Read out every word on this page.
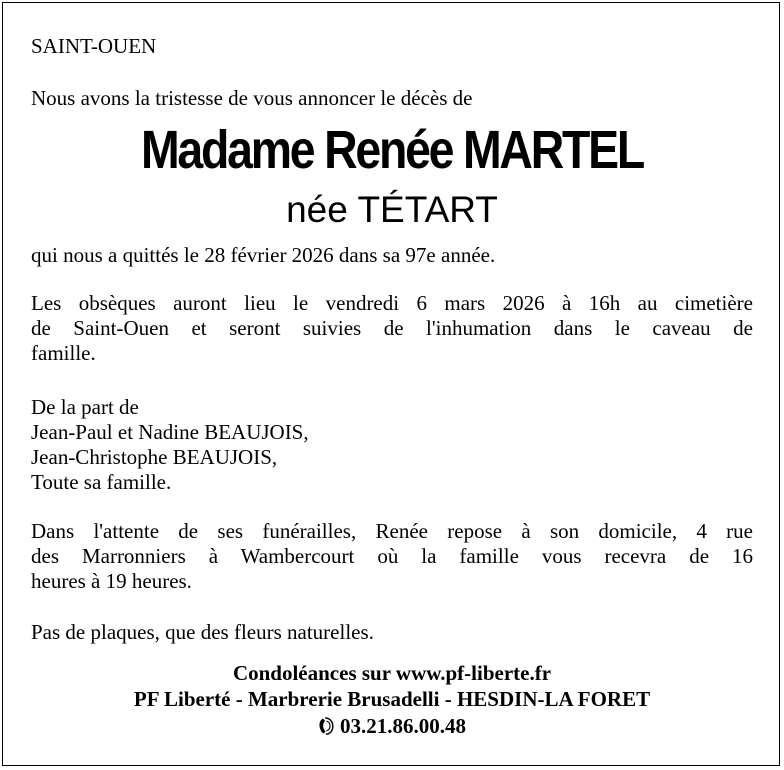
SAINT-OUEN
Nous avons la tristesse de vous annoncer le décès de
Madame Renée MARTEL
née TÉTART
qui nous a quittés le 28 février 2026 dans sa 97e année.
Les obsèques auront lieu le vendredi 6 mars 2026 à 16h au cimetière
de Saint-Ouen et seront suivies de l'inhumation dans le caveau de
famille.
De la part de
Jean-Paul et Nadine BEAUJOIS,
Jean-Christophe BEAUJOIS,
Toute sa famille.
Dans l'attente de ses funérailles, Renée repose à son domicile, 4 rue
des Marronniers à Wambercourt où la famille vous recevra de 16
heures à 19 heures.
Pas de plaques, que des fleurs naturelles.
Condoléances sur www.pf-liberte.fr
PF Liberté - Marbrerie Brusadelli - HESDIN-LA FORET
03.21.86.00.48
